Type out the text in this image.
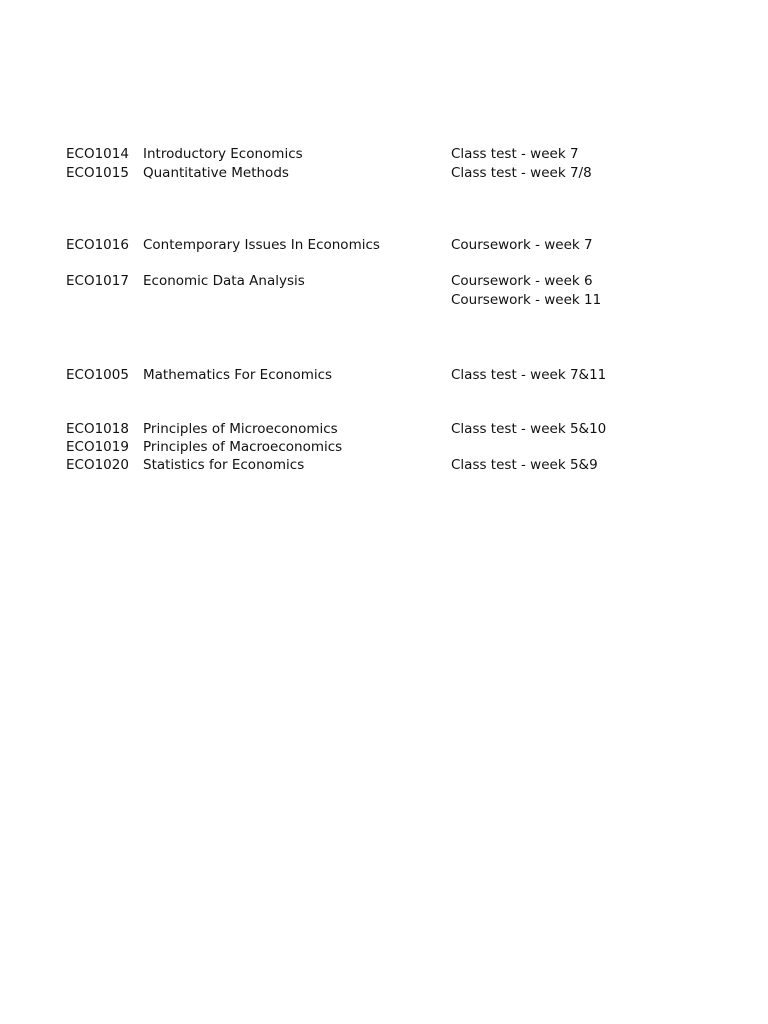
ECO1014 Introductory Economics	Class test - week 7
ECO1015 Quantitative Methods	Class test - week 7/8
ECO1016 Contemporary Issues In Economics	Coursework - week 7
ECO1017 Economic Data Analysis	Coursework - week 6
Coursework - week 11
ECO1005 Mathematics For Economics	Class test - week 7&11
ECO1018 Principles of Microeconomics	Class test - week 5&10
ECO1019 Principles of Macroeconomics
ECO1020 Statistics for Economics	Class test - week 5&9
